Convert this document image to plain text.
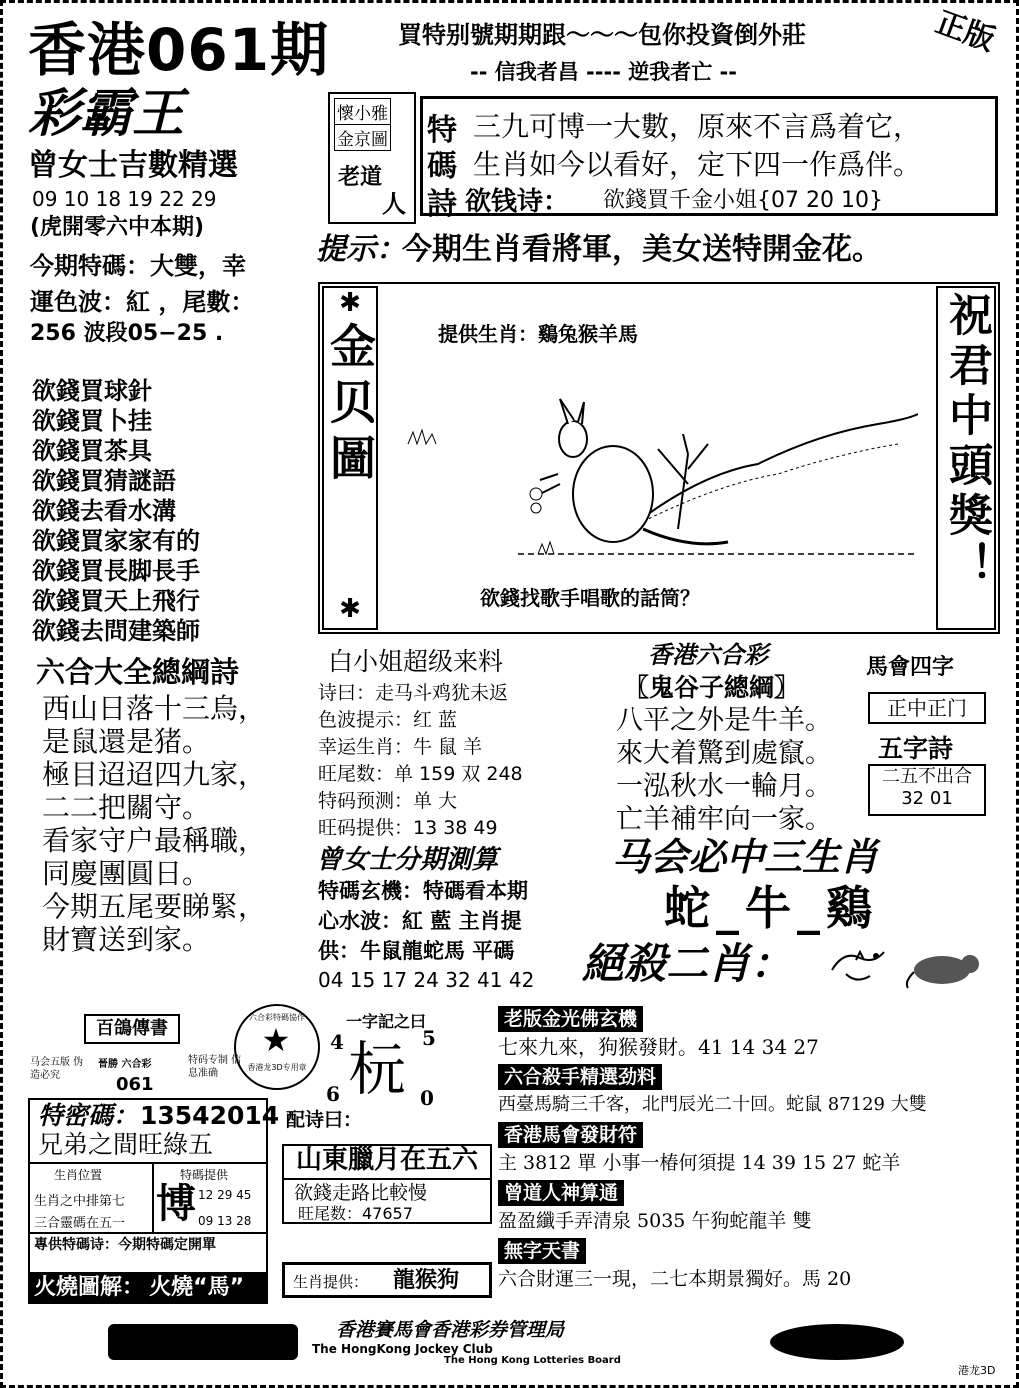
香港061期
彩霸王
買特别號期期跟～～～包你投資倒外莊
-- 信我者昌 ---- 逆我者亡 --
正版
曾女士吉數精選
09 10 18 19 22 29
(虎開零六中本期)
今期特碼：大雙，幸
運色波：紅 ，尾數：
256 波段05−25 .
欲錢買球針
欲錢買卜挂
欲錢買茶具
欲錢買猜謎語
欲錢去看水溝
欲錢買家家有的
欲錢買長脚長手
欲錢買天上飛行
欲錢去問建築師
懷小雅
金京圖
老道
人
特
碼
詩
三九可博一大數，原來不言爲着它，
生肖如今以看好，定下四一作爲伴。
欲钱诗： 欲錢買千金小姐{07 20 10}
提示：
今期生肖看將軍，美女送特開金花。
✱
金贝圖
✱
提供生肖：鷄兔猴羊馬
欲錢找歌手唱歌的話筒？
祝君中頭獎！
六合大全總綱詩
西山日落十三烏，
是鼠還是猪。
極目迢迢四九家，
二二把關守。
看家守户最稱職，
同慶團圓日。
今期五尾要睇緊，
財寶送到家。
白小姐超级来料
诗曰：走马斗鸡犹未返
色波提示：红 蓝
幸运生肖：牛 鼠 羊
旺尾数：单 159 双 248
特码预测：单 大
旺码提供：13 38 49
曾女士分期測算
特碼玄機：特碼看本期
心水波：紅 藍 主肖提
供：牛鼠龍蛇馬 平碼
04 15 17 24 32 41 42
香港六合彩
〖鬼谷子總綱〗
八平之外是牛羊。
來大着驚到處竄。
一泓秋水一輪月。
亡羊補牢向一家。
馬會四字
正中正门
五字詩
二五不出合
32 01
马会必中三生肖
蛇_牛_鷄
絕殺二肖：
百鴿傳書
马会五版 伪造必究
晉勝 六合彩	特码专制 信息准确
061
特密碼： 13542014
兄弟之間旺綠五
生肖位置
生肖之中排第七
三合靈碼在五一
特碼提供
博 12 29 45
09 13 28
專供特碼诗：今期特碼定開單
火燒圖解： 火燒“馬”
六合彩特碼協作
★
香港龙3D专用章
一字記之曰
4	5
杬
6	0
配诗曰：
山東臘月在五六
欲錢走路比較慢
旺尾数：47657
生肖提供： 龍猴狗
老版金光佛玄機
七來九來，狗猴發財。41 14 34 27
六合殺手精選劲料
西臺馬騎三千客，北門辰光二十回。蛇鼠 87129 大雙
香港馬會發財符
主 3812 單 小事一椿何須提 14 39 15 27 蛇羊
曾道人神算通
盈盈纖手弄清泉 5035 午狗蛇龍羊 雙
無字天書
六合財運三一現，二七本期景獨好。馬 20
香港賽馬會香港彩券管理局
The HongKong Jockey Club
The Hong Kong Lotteries Board
港龙3D
